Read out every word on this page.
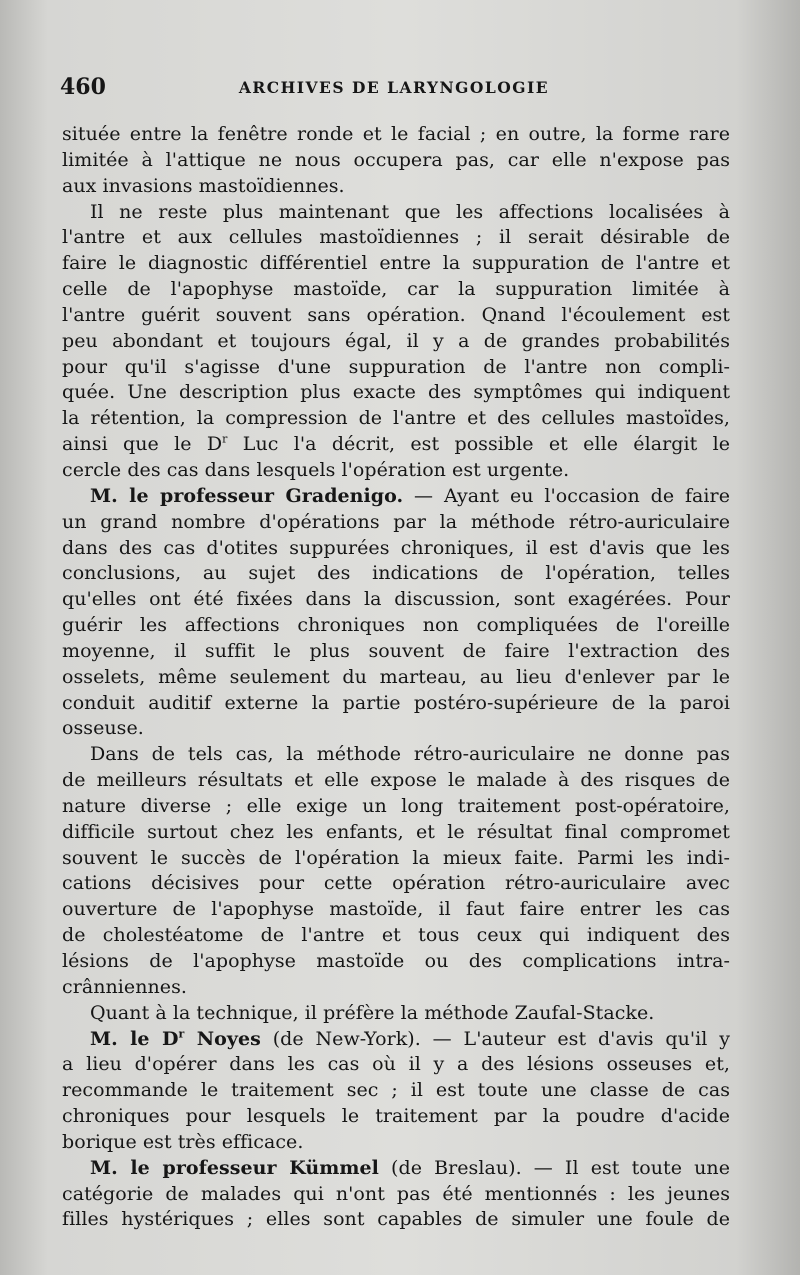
460	ARCHIVES DE LARYNGOLOGIE
située entre la fenêtre ronde et le facial ; en outre, la forme rare
limitée à l'attique ne nous occupera pas, car elle n'expose pas
aux invasions mastoïdiennes.
Il ne reste plus maintenant que les affections localisées à
l'antre et aux cellules mastoïdiennes ; il serait désirable de
faire le diagnostic différentiel entre la suppuration de l'antre et
celle de l'apophyse mastoïde, car la suppuration limitée à
l'antre guérit souvent sans opération. Qnand l'écoulement est
peu abondant et toujours égal, il y a de grandes probabilités
pour qu'il s'agisse d'une suppuration de l'antre non compli-
quée. Une description plus exacte des symptômes qui indiquent
la rétention, la compression de l'antre et des cellules mastoïdes,
ainsi que le $D^r$ Luc l'a décrit, est possible et elle élargit le
cercle des cas dans lesquels l'opération est urgente.
M. le professeur Gradenigo. — Ayant eu l'occasion de faire
un grand nombre d'opérations par la méthode rétro-auriculaire
dans des cas d'otites suppurées chroniques, il est d'avis que les
conclusions, au sujet des indications de l'opération, telles
qu'elles ont été fixées dans la discussion, sont exagérées. Pour
guérir les affections chroniques non compliquées de l'oreille
moyenne, il suffit le plus souvent de faire l'extraction des
osselets, même seulement du marteau, au lieu d'enlever par le
conduit auditif externe la partie postéro-supérieure de la paroi
osseuse.
Dans de tels cas, la méthode rétro-auriculaire ne donne pas
de meilleurs résultats et elle expose le malade à des risques de
nature diverse ; elle exige un long traitement post-opératoire,
difficile surtout chez les enfants, et le résultat final compromet
souvent le succès de l'opération la mieux faite. Parmi les indi-
cations décisives pour cette opération rétro-auriculaire avec
ouverture de l'apophyse mastoïde, il faut faire entrer les cas
de cholestéatome de l'antre et tous ceux qui indiquent des
lésions de l'apophyse mastoïde ou des complications intra-
crânniennes.
Quant à la technique, il préfère la méthode Zaufal-Stacke.
M. le $D^r$ Noyes (de New-York). — L'auteur est d'avis qu'il y
a lieu d'opérer dans les cas où il y a des lésions osseuses et,
recommande le traitement sec ; il est toute une classe de cas
chroniques pour lesquels le traitement par la poudre d'acide
borique est très efficace.
M. le professeur Kümmel (de Breslau). — Il est toute une
catégorie de malades qui n'ont pas été mentionnés : les jeunes
filles hystériques ; elles sont capables de simuler une foule de
